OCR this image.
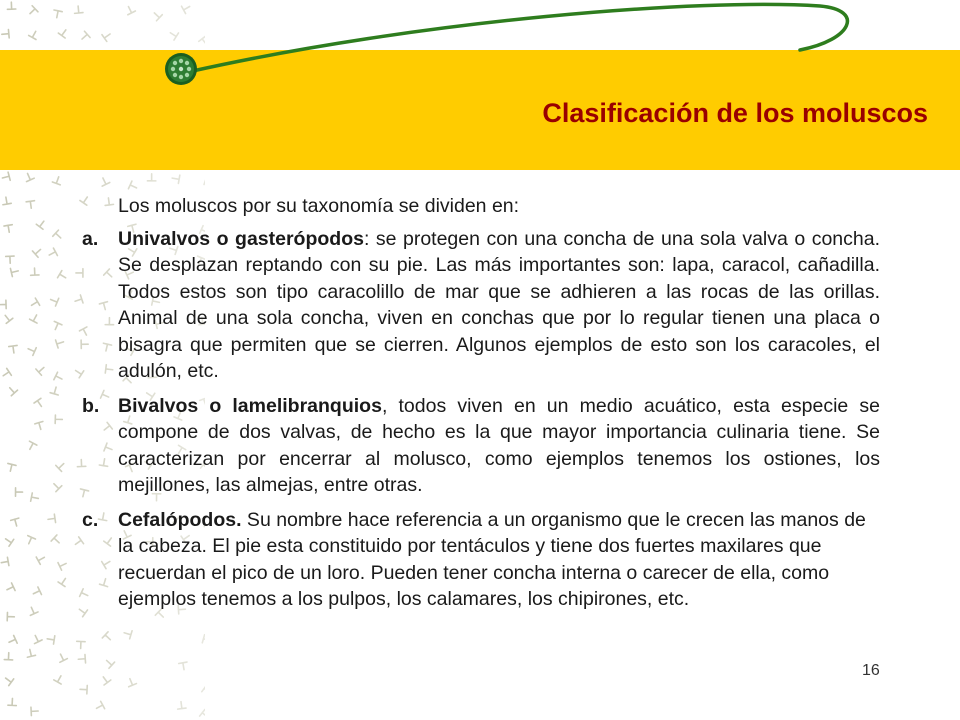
Clasificación de los moluscos

Los moluscos por su taxonomía se dividen en:

a. Univalvos o gasterópodos: se protegen con una concha de una sola valva o concha. Se desplazan reptando con su pie. Las más importantes son: lapa, caracol, cañadilla. Todos estos son tipo caracolillo de mar que se adhieren a las rocas de las orillas. Animal de una sola concha, viven en conchas que por lo regular tienen una placa o bisagra que permiten que se cierren. Algunos ejemplos de esto son los caracoles, el adulón, etc.
b. Bivalvos o lamelibranquios, todos viven en un medio acuático, esta especie se compone de dos valvas, de hecho es la que mayor importancia culinaria tiene. Se caracterizan por encerrar al molusco, como ejemplos tenemos los ostiones, los mejillones, las almejas, entre otras.
c. Cefalópodos. Su nombre hace referencia a un organismo que le crecen las manos de la cabeza. El pie esta constituido por tentáculos y tiene dos fuertes maxilares que recuerdan el pico de un loro. Pueden tener concha interna o carecer de ella, como ejemplos tenemos a los pulpos, los calamares, los chipirones, etc.
16
